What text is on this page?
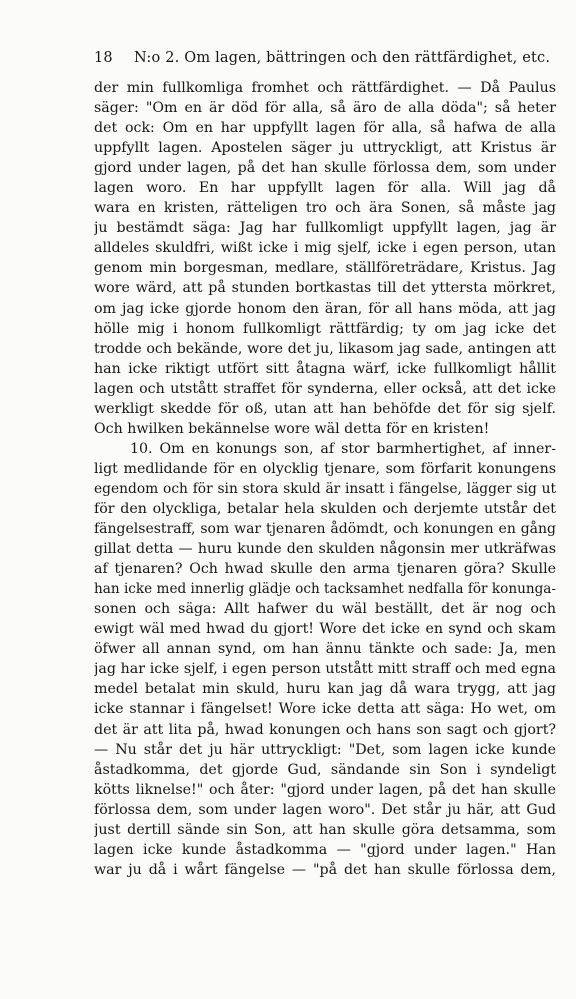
18 N:o 2. Om lagen, bättringen och den rättfärdighet, etc.
der min fullkomliga fromhet och rättfärdighet. — Då Paulus
säger: "Om en är död för alla, så äro de alla döda"; så heter
det ock: Om en har uppfyllt lagen för alla, så hafwa de alla
uppfyllt lagen. Apostelen säger ju uttryckligt, att Kristus är
gjord under lagen, på det han skulle förlossa dem, som under
lagen woro. En har uppfyllt lagen för alla. Will jag då
wara en kristen, rätteligen tro och ära Sonen, så måste jag
ju bestämdt säga: Jag har fullkomligt uppfyllt lagen, jag är
alldeles skuldfri, wißt icke i mig sjelf, icke i egen person, utan
genom min borgesman, medlare, ställföreträdare, Kristus. Jag
wore wärd, att på stunden bortkastas till det yttersta mörkret,
om jag icke gjorde honom den äran, för all hans möda, att jag
hölle mig i honom fullkomligt rättfärdig; ty om jag icke det
trodde och bekände, wore det ju, likasom jag sade, antingen att
han icke riktigt utfört sitt åtagna wärf, icke fullkomligt hållit
lagen och utstått straffet för synderna, eller också, att det icke
werkligt skedde för oß, utan att han behöfde det för sig sjelf.
Och hwilken bekännelse wore wäl detta för en kristen!
10. Om en konungs son, af stor barmhertighet, af inner-
ligt medlidande för en olycklig tjenare, som förfarit konungens
egendom och för sin stora skuld är insatt i fängelse, lägger sig ut
för den olyckliga, betalar hela skulden och derjemte utstår det
fängelsestraff, som war tjenaren ådömdt, och konungen en gång
gillat detta — huru kunde den skulden någonsin mer utkräfwas
af tjenaren? Och hwad skulle den arma tjenaren göra? Skulle
han icke med innerlig glädje och tacksamhet nedfalla för konunga-
sonen och säga: Allt hafwer du wäl beställt, det är nog och
ewigt wäl med hwad du gjort! Wore det icke en synd och skam
öfwer all annan synd, om han ännu tänkte och sade: Ja, men
jag har icke sjelf, i egen person utstått mitt straff och med egna
medel betalat min skuld, huru kan jag då wara trygg, att jag
icke stannar i fängelset! Wore icke detta att säga: Ho wet, om
det är att lita på, hwad konungen och hans son sagt och gjort?
— Nu står det ju här uttryckligt: "Det, som lagen icke kunde
åstadkomma, det gjorde Gud, sändande sin Son i syndeligt
kötts liknelse!" och åter: "gjord under lagen, på det han skulle
förlossa dem, som under lagen woro". Det står ju här, att Gud
just dertill sände sin Son, att han skulle göra detsamma, som
lagen icke kunde åstadkomma — "gjord under lagen." Han
war ju då i wårt fängelse — "på det han skulle förlossa dem,
